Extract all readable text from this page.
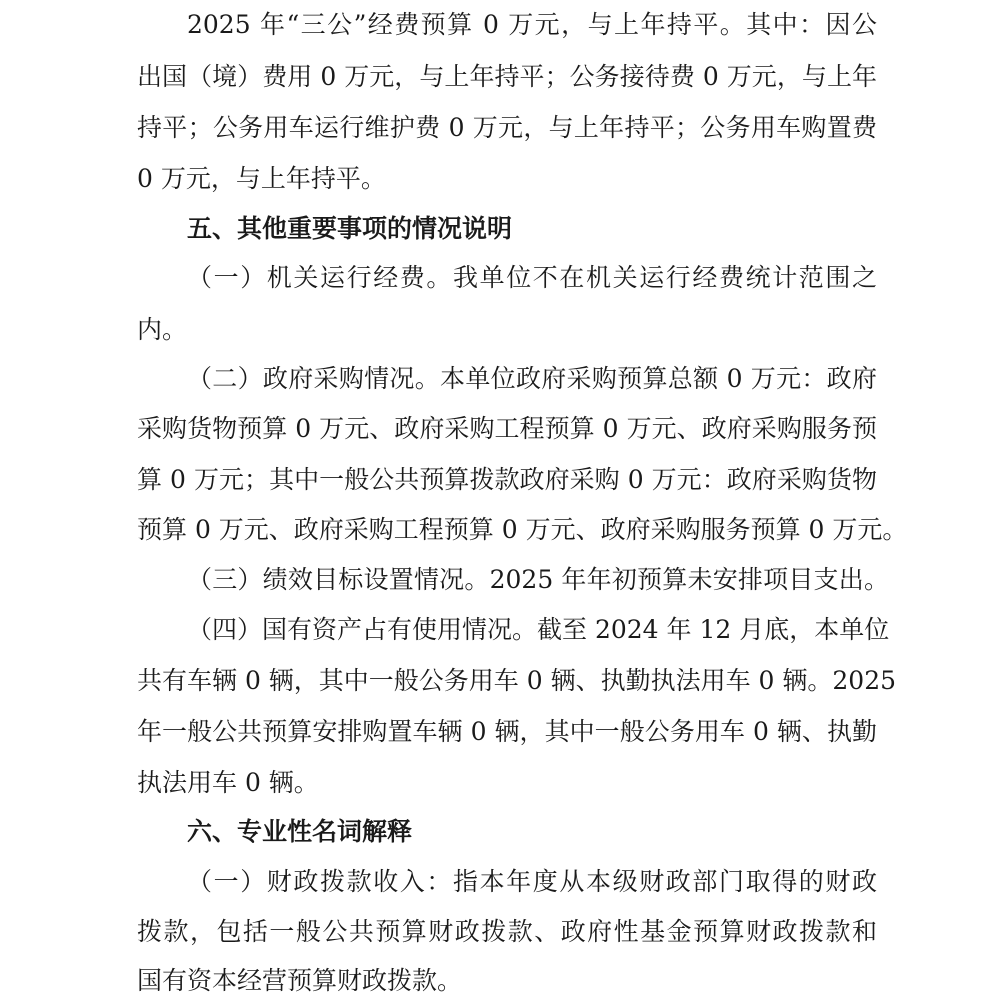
2025 年“三公”经费预算 0 万元，与上年持平。其中：因公
出国（境）费用 0 万元，与上年持平；公务接待费 0 万元，与上年
持平；公务用车运行维护费 0 万元，与上年持平；公务用车购置费
0 万元，与上年持平。
五、其他重要事项的情况说明
（一）机关运行经费。我单位不在机关运行经费统计范围之
内。
（二）政府采购情况。本单位政府采购预算总额 0 万元：政府
采购货物预算 0 万元、政府采购工程预算 0 万元、政府采购服务预
算 0 万元；其中一般公共预算拨款政府采购 0 万元：政府采购货物
预算 0 万元、政府采购工程预算 0 万元、政府采购服务预算 0 万元。
（三）绩效目标设置情况。2025 年年初预算未安排项目支出。
（四）国有资产占有使用情况。截至 2024 年 12 月底，本单位
共有车辆 0 辆，其中一般公务用车 0 辆、执勤执法用车 0 辆。2025
年一般公共预算安排购置车辆 0 辆，其中一般公务用车 0 辆、执勤
执法用车 0 辆。
六、专业性名词解释
（一）财政拨款收入：指本年度从本级财政部门取得的财政
拨款，包括一般公共预算财政拨款、政府性基金预算财政拨款和
国有资本经营预算财政拨款。
